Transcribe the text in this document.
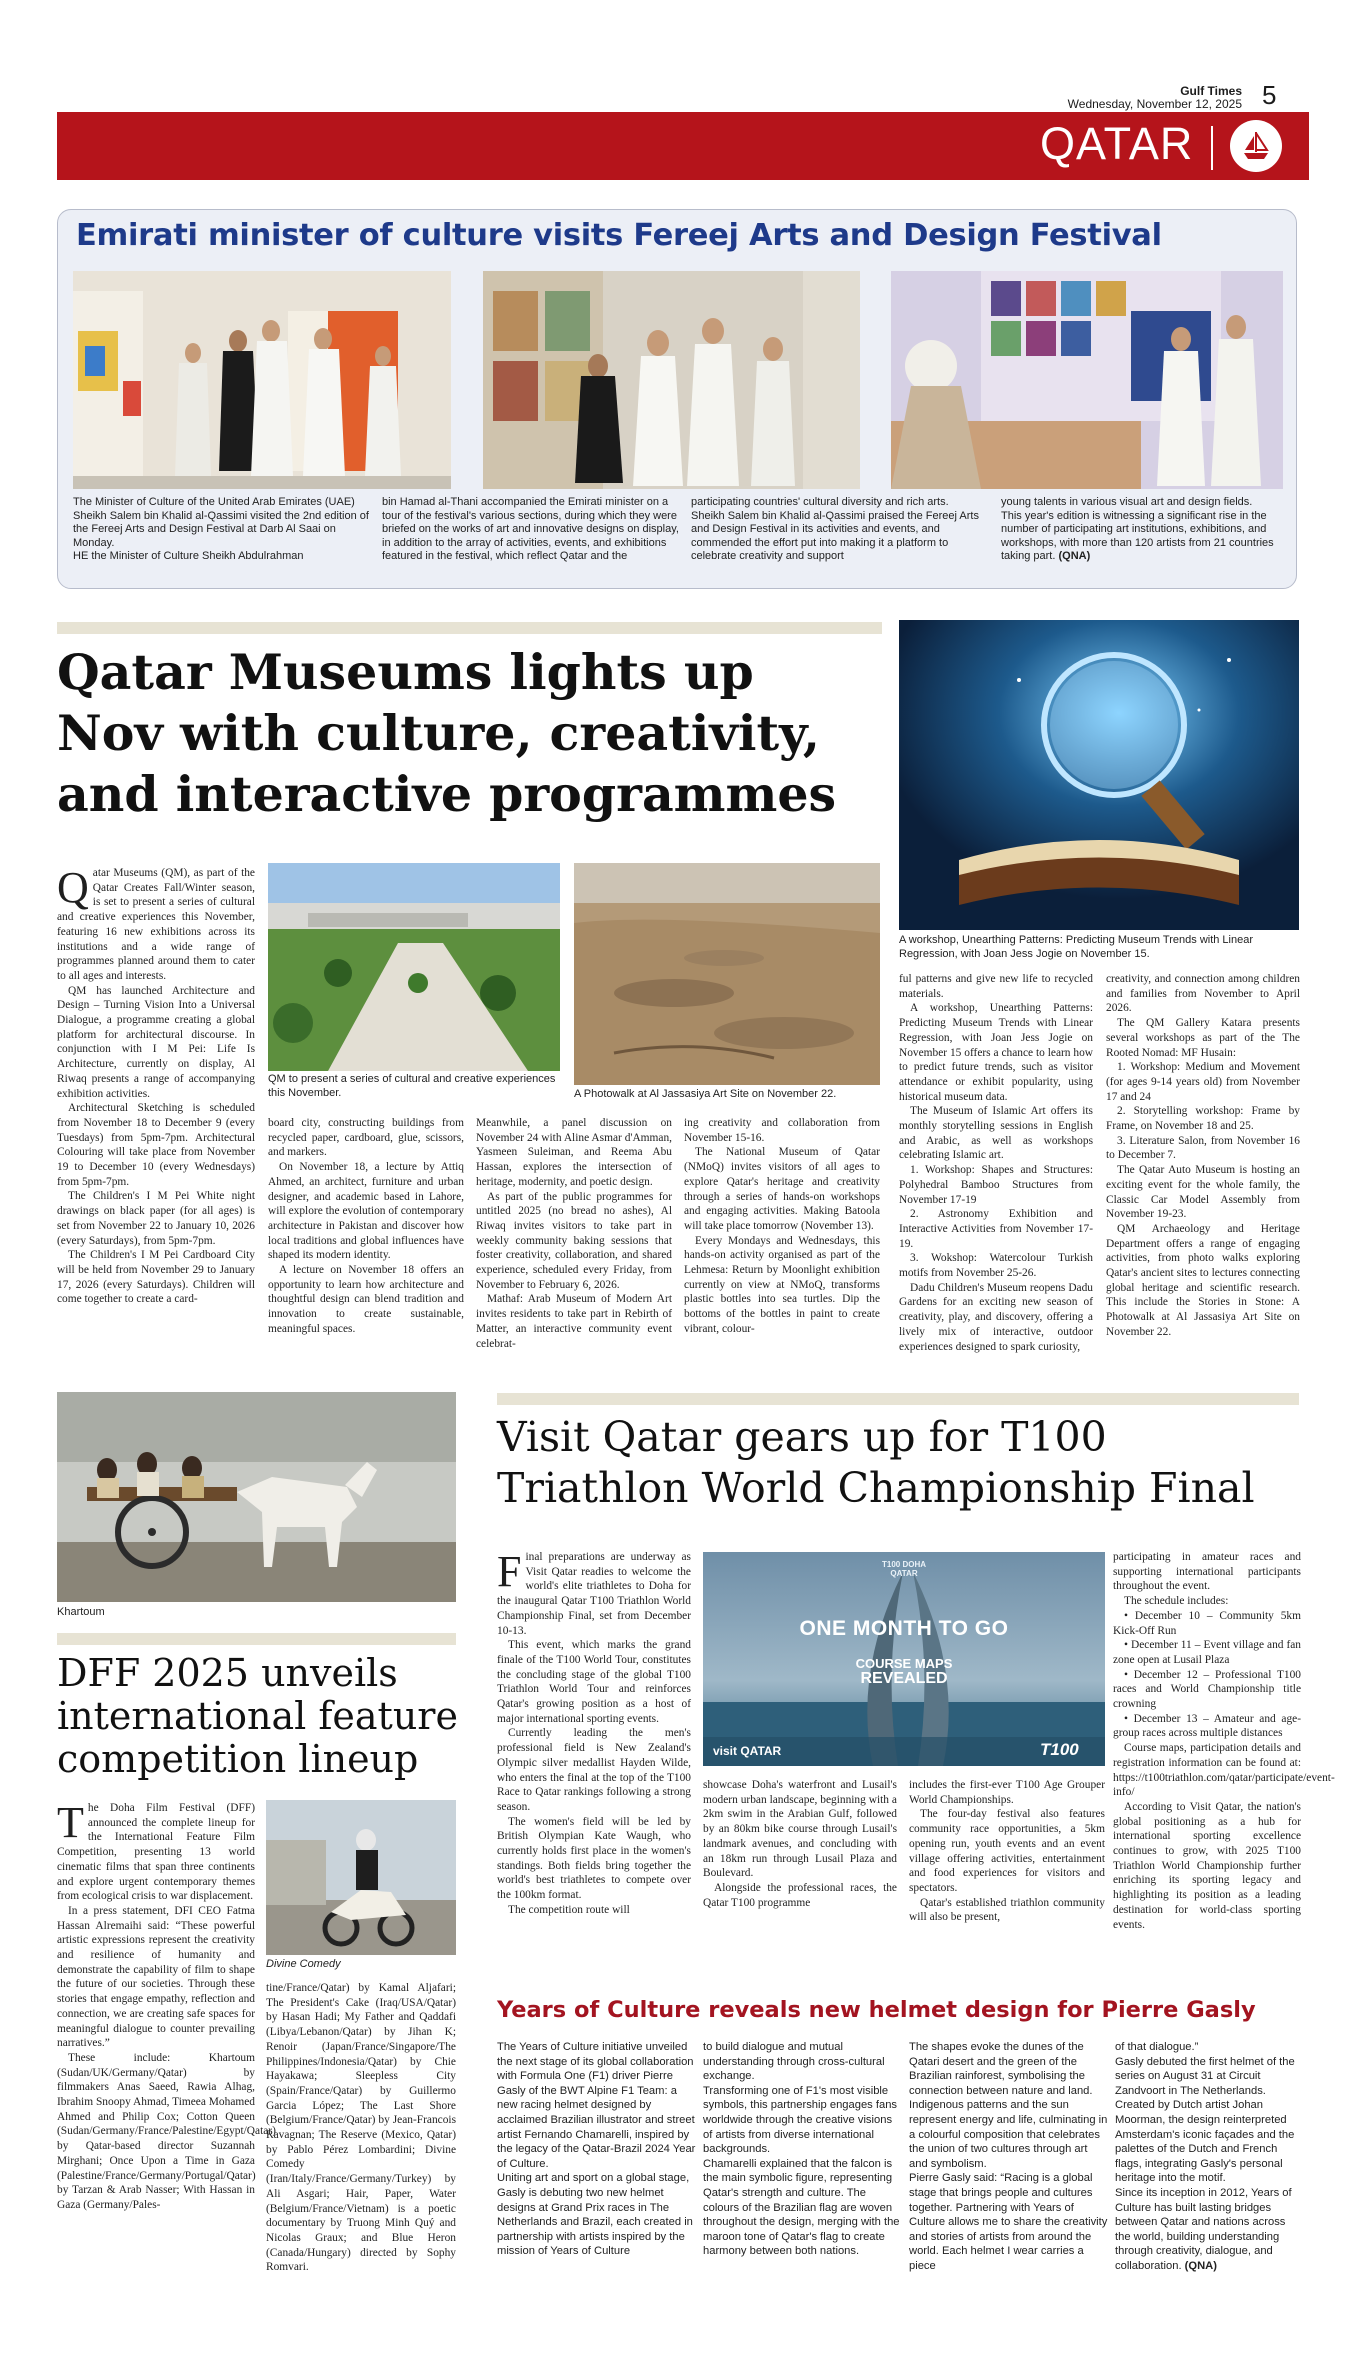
Gulf Times
Wednesday, November 12, 2025 5
QATAR
Emirati minister of culture visits Fereej Arts and Design Festival
The Minister of Culture of the United Arab Emirates (UAE) Sheikh Salem bin Khalid al-Qassimi visited the 2nd edition of the Fereej Arts and Design Festival at Darb Al Saai on Monday.
HE the Minister of Culture Sheikh Abdulrahman
bin Hamad al-Thani accompanied the Emirati minister on a tour of the festival's various sections, during which they were briefed on the works of art and innovative designs on display, in addition to the array of activities, events, and exhibitions featured in the festival, which reflect Qatar and the
participating countries' cultural diversity and rich arts.
Sheikh Salem bin Khalid al-Qassimi praised the Fereej Arts and Design Festival in its activities and events, and commended the effort put into making it a platform to celebrate creativity and support
young talents in various visual art and design fields.
This year's edition is witnessing a significant rise in the number of participating art institutions, exhibitions, and workshops, with more than 120 artists from 21 countries taking part. (QNA)
Qatar Museums lights up
Nov with culture, creativity,
and interactive programmes
A workshop, Unearthing Patterns: Predicting Museum Trends with Linear Regression, with Joan Jess Jogie on November 15.
QM to present a series of cultural and creative experiences this November.	A Photowalk at Al Jassasiya Art Site on November 22.

Qatar Museums (QM), as part of the Qatar Creates Fall/Winter season, is set to present a series of cultural and creative experiences this November, featuring 16 new exhibitions across its institutions and a wide range of programmes planned around them to cater to all ages and interests.

QM has launched Architecture and Design – Turning Vision Into a Universal Dialogue, a programme creating a global platform for architectural discourse. In conjunction with I M Pei: Life Is Architecture, currently on display, Al Riwaq presents a range of accompanying exhibition activities.

Architectural Sketching is scheduled from November 18 to December 9 (every Tuesdays) from 5pm-7pm. Architectural Colouring will take place from November 19 to December 10 (every Wednesdays) from 5pm-7pm.

The Children's I M Pei White night drawings on black paper (for all ages) is set from November 22 to January 10, 2026 (every Saturdays), from 5pm-7pm.

The Children's I M Pei Cardboard City will be held from November 29 to January 17, 2026 (every Saturdays). Children will come together to create a card-

board city, constructing buildings from recycled paper, cardboard, glue, scissors, and markers.

On November 18, a lecture by Attiq Ahmed, an architect, furniture and urban designer, and academic based in Lahore, will explore the evolution of contemporary architecture in Pakistan and discover how local traditions and global influences have shaped its modern identity.

A lecture on November 18 offers an opportunity to learn how architecture and thoughtful design can blend tradition and innovation to create sustainable, meaningful spaces.

Meanwhile, a panel discussion on November 24 with Aline Asmar d'Amman, Yasmeen Suleiman, and Reema Abu Hassan, explores the intersection of heritage, modernity, and poetic design.

As part of the public programmes for untitled 2025 (no bread no ashes), Al Riwaq invites visitors to take part in weekly community baking sessions that foster creativity, collaboration, and shared experience, scheduled every Friday, from November to February 6, 2026.

Mathaf: Arab Museum of Modern Art invites residents to take part in Rebirth of Matter, an interactive community event celebrat-

ing creativity and collaboration from November 15-16.

The National Museum of Qatar (NMoQ) invites visitors of all ages to explore Qatar's heritage and creativity through a series of hands-on workshops and engaging activities. Making Batoola will take place tomorrow (November 13).

Every Mondays and Wednesdays, this hands-on activity organised as part of the Lehmesa: Return by Moonlight exhibition currently on view at NMoQ, transforms plastic bottles into sea turtles. Dip the bottoms of the bottles in paint to create vibrant, colour-

ful patterns and give new life to recycled materials.

A workshop, Unearthing Patterns: Predicting Museum Trends with Linear Regression, with Joan Jess Jogie on November 15 offers a chance to learn how to predict future trends, such as visitor attendance or exhibit popularity, using historical museum data.

The Museum of Islamic Art offers its monthly storytelling sessions in English and Arabic, as well as workshops celebrating Islamic art.

1. Workshop: Shapes and Structures: Polyhedral Bamboo Structures from November 17-19

2. Astronomy Exhibition and Interactive Activities from November 17-19.

3. Wokshop: Watercolour Turkish motifs from November 25-26.

Dadu Children's Museum reopens Dadu Gardens for an exciting new season of creativity, play, and discovery, offering a lively mix of interactive, outdoor experiences designed to spark curiosity,

creativity, and connection among children and families from November to April 2026.

The QM Gallery Katara presents several workshops as part of the The Rooted Nomad: MF Husain:

1. Workshop: Medium and Movement (for ages 9-14 years old) from November 17 and 24

2. Storytelling workshop: Frame by Frame, on November 18 and 25.

3. Literature Salon, from November 16 to December 7.

The Qatar Auto Museum is hosting an exciting event for the whole family, the Classic Car Model Assembly from November 19-23.

QM Archaeology and Heritage Department offers a range of engaging activities, from photo walks exploring Qatar's ancient sites to lectures connecting global heritage and scientific research. This include the Stories in Stone: A Photowalk at Al Jassasiya Art Site on November 22.

Khartoum
DFF 2025 unveils
international feature
competition lineup
Divine Comedy

The Doha Film Festival (DFF) announced the complete lineup for the International Feature Film Competition, presenting 13 world cinematic films that span three continents and explore urgent contemporary themes from ecological crisis to war displacement.

In a press statement, DFI CEO Fatma Hassan Alremaihi said: “These powerful artistic expressions represent the creativity and resilience of humanity and demonstrate the capability of film to shape the future of our societies. Through these stories that engage empathy, reflection and connection, we are creating safe spaces for meaningful dialogue to counter prevailing narratives.”

These include: Khartoum (Sudan/UK/Germany/Qatar) by filmmakers Anas Saeed, Rawia Alhag, Ibrahim Snoopy Ahmad, Timeea Mohamed Ahmed and Philip Cox; Cotton Queen (Sudan/Germany/France/Palestine/Egypt/Qatar) by Qatar-based director Suzannah Mirghani; Once Upon a Time in Gaza (Palestine/France/Germany/Portugal/Qatar) by Tarzan & Arab Nasser; With Hassan in Gaza (Germany/Pales-

tine/France/Qatar) by Kamal Aljafari; The President's Cake (Iraq/USA/Qatar) by Hasan Hadi; My Father and Qaddafi (Libya/Lebanon/Qatar) by Jihan K; Renoir (Japan/France/Singapore/The Philippines/Indonesia/Qatar) by Chie Hayakawa; Sleepless City (Spain/France/Qatar) by Guillermo Garcia López; The Last Shore (Belgium/France/Qatar) by Jean-Francois Ravagnan; The Reserve (Mexico, Qatar) by Pablo Pérez Lombardini; Divine Comedy (Iran/Italy/France/Germany/Turkey) by Ali Asgari; Hair, Paper, Water (Belgium/France/Vietnam) is a poetic documentary by Truong Minh Quý and Nicolas Graux; and Blue Heron (Canada/Hungary) directed by Sophy Romvari.

Visit Qatar gears up for T100
Triathlon World Championship Final
T100 DOHA QATAR
ONE MONTH TO GO
COURSE MAPS
REVEALED
visit QATAR	T100

Final preparations are underway as Visit Qatar readies to welcome the world's elite triathletes to Doha for the inaugural Qatar T100 Triathlon World Championship Final, set from December 10-13.

This event, which marks the grand finale of the T100 World Tour, constitutes the concluding stage of the global T100 Triathlon World Tour and reinforces Qatar's growing position as a host of major international sporting events.

Currently leading the men's professional field is New Zealand's Olympic silver medallist Hayden Wilde, who enters the final at the top of the T100 Race to Qatar rankings following a strong season.

The women's field will be led by British Olympian Kate Waugh, who currently holds first place in the women's standings. Both fields bring together the world's best triathletes to compete over the 100km format.

The competition route will

showcase Doha's waterfront and Lusail's modern urban landscape, beginning with a 2km swim in the Arabian Gulf, followed by an 80km bike course through Lusail's landmark avenues, and concluding with an 18km run through Lusail Plaza and Boulevard.

Alongside the professional races, the Qatar T100 programme

includes the first-ever T100 Age Grouper World Championships.

The four-day festival also features community race opportunities, a 5km opening run, youth events and an event village offering activities, entertainment and food experiences for visitors and spectators.

Qatar's established triathlon community will also be present,

participating in amateur races and supporting international participants throughout the event.

The schedule includes:

• December 10 – Community 5km Kick-Off Run

• December 11 – Event village and fan zone open at Lusail Plaza

• December 12 – Professional T100 races and World Championship title crowning

• December 13 – Amateur and age-group races across multiple distances

Course maps, participation details and registration information can be found at: https://t100triathlon.com/qatar/participate/event-info/

According to Visit Qatar, the nation's global positioning as a hub for international sporting excellence continues to grow, with 2025 T100 Triathlon World Championship further enriching its sporting legacy and highlighting its position as a leading destination for world-class sporting events.

Years of Culture reveals new helmet design for Pierre Gasly
The Years of Culture initiative unveiled the next stage of its global collaboration with Formula One (F1) driver Pierre Gasly of the BWT Alpine F1 Team: a new racing helmet designed by acclaimed Brazilian illustrator and street artist Fernando Chamarelli, inspired by the legacy of the Qatar-Brazil 2024 Year of Culture.
Uniting art and sport on a global stage, Gasly is debuting two new helmet designs at Grand Prix races in The Netherlands and Brazil, each created in partnership with artists inspired by the mission of Years of Culture
to build dialogue and mutual understanding through cross-cultural exchange.
Transforming one of F1's most visible symbols, this partnership engages fans worldwide through the creative visions of artists from diverse international backgrounds.
Chamarelli explained that the falcon is the main symbolic figure, representing Qatar's strength and culture. The colours of the Brazilian flag are woven throughout the design, merging with the maroon tone of Qatar's flag to create harmony between both nations.
The shapes evoke the dunes of the Qatari desert and the green of the Brazilian rainforest, symbolising the connection between nature and land. Indigenous patterns and the sun represent energy and life, culminating in a colourful composition that celebrates the union of two cultures through art and symbolism.
Pierre Gasly said: “Racing is a global stage that brings people and cultures together. Partnering with Years of Culture allows me to share the creativity and stories of artists from around the world. Each helmet I wear carries a piece
of that dialogue.”
Gasly debuted the first helmet of the series on August 31 at Circuit Zandvoort in The Netherlands. Created by Dutch artist Johan Moorman, the design reinterpreted Amsterdam's iconic façades and the palettes of the Dutch and French flags, integrating Gasly's personal heritage into the motif.
Since its inception in 2012, Years of Culture has built lasting bridges between Qatar and nations across the world, building understanding through creativity, dialogue, and collaboration. (QNA)
